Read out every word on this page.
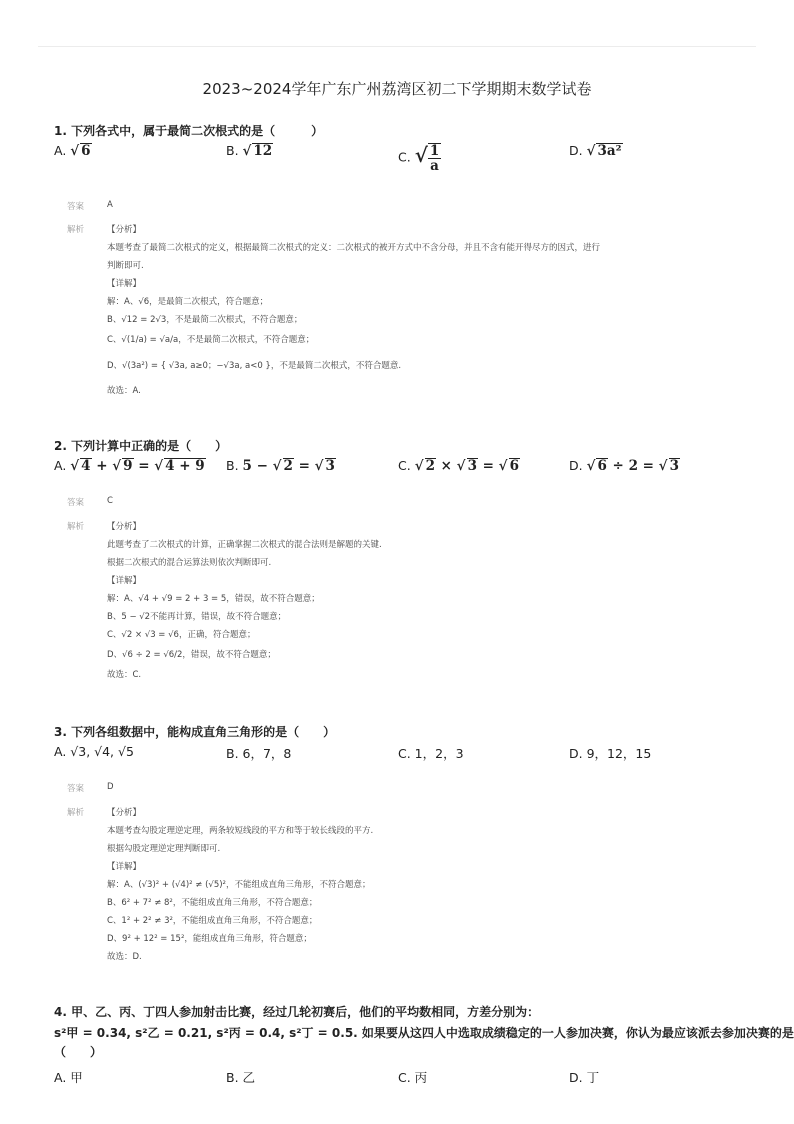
2023~2024学年广东广州荔湾区初二下学期期末数学试卷
1. 下列各式中，属于最简二次根式的是（　　　）
A. √ 6	B. √ 12	C. √ $\frac{1}{a}$	D. √ 3a²
答案	A
解析	【分析】
本题考查了最简二次根式的定义，根据最简二次根式的定义：二次根式的被开方式中不含分母，并且不含有能开得尽方的因式，进行
判断即可.
【详解】
解：A、√6，是最简二次根式，符合题意；
B、√12 = 2√3，不是最简二次根式，不符合题意；
C、√(1/a) = √a/a，不是最简二次根式，不符合题意；
D、√(3a²) = { √3a, a≥0；−√3a, a<0 }，不是最简二次根式，不符合题意.
故选：A.
2. 下列计算中正确的是（　　）
A. √ 4 + √ 9 = √ 4 + 9 B. 5 − √ 2 = √ 3	C. √ 2 × √ 3 = √ 6	D. √ 6 ÷ 2 = √ 3
答案	C
解析	【分析】
此题考查了二次根式的计算，正确掌握二次根式的混合法则是解题的关键.
根据二次根式的混合运算法则依次判断即可.
【详解】
解：A、√4 + √9 = 2 + 3 = 5，错误，故不符合题意；
B、5 − √2不能再计算，错误，故不符合题意；
C、√2 × √3 = √6，正确，符合题意；
D、√6 ÷ 2 = √6/2，错误，故不符合题意；
故选：C.
3. 下列各组数据中，能构成直角三角形的是（　　）
A. √3, √4, √5	B. 6，7，8	C. 1，2，3	D. 9，12，15
答案	D
解析	【分析】
本题考查勾股定理逆定理，两条较短线段的平方和等于较长线段的平方.
根据勾股定理逆定理判断即可.
【详解】
解：A、(√3)² + (√4)² ≠ (√5)²，不能组成直角三角形，不符合题意；
B、6² + 7² ≠ 8²，不能组成直角三角形，不符合题意；
C、1² + 2² ≠ 3²，不能组成直角三角形，不符合题意；
D、9² + 12² = 15²，能组成直角三角形，符合题意；
故选：D.
4. 甲、乙、丙、丁四人参加射击比赛，经过几轮初赛后，他们的平均数相同，方差分别为：
s²甲 = 0.34, s²乙 = 0.21, s²丙 = 0.4, s²丁 = 0.5. 如果要从这四人中选取成绩稳定的一人参加决赛，你认为最应该派去参加决赛的是
（　　）
A. 甲	B. 乙	C. 丙	D. 丁
